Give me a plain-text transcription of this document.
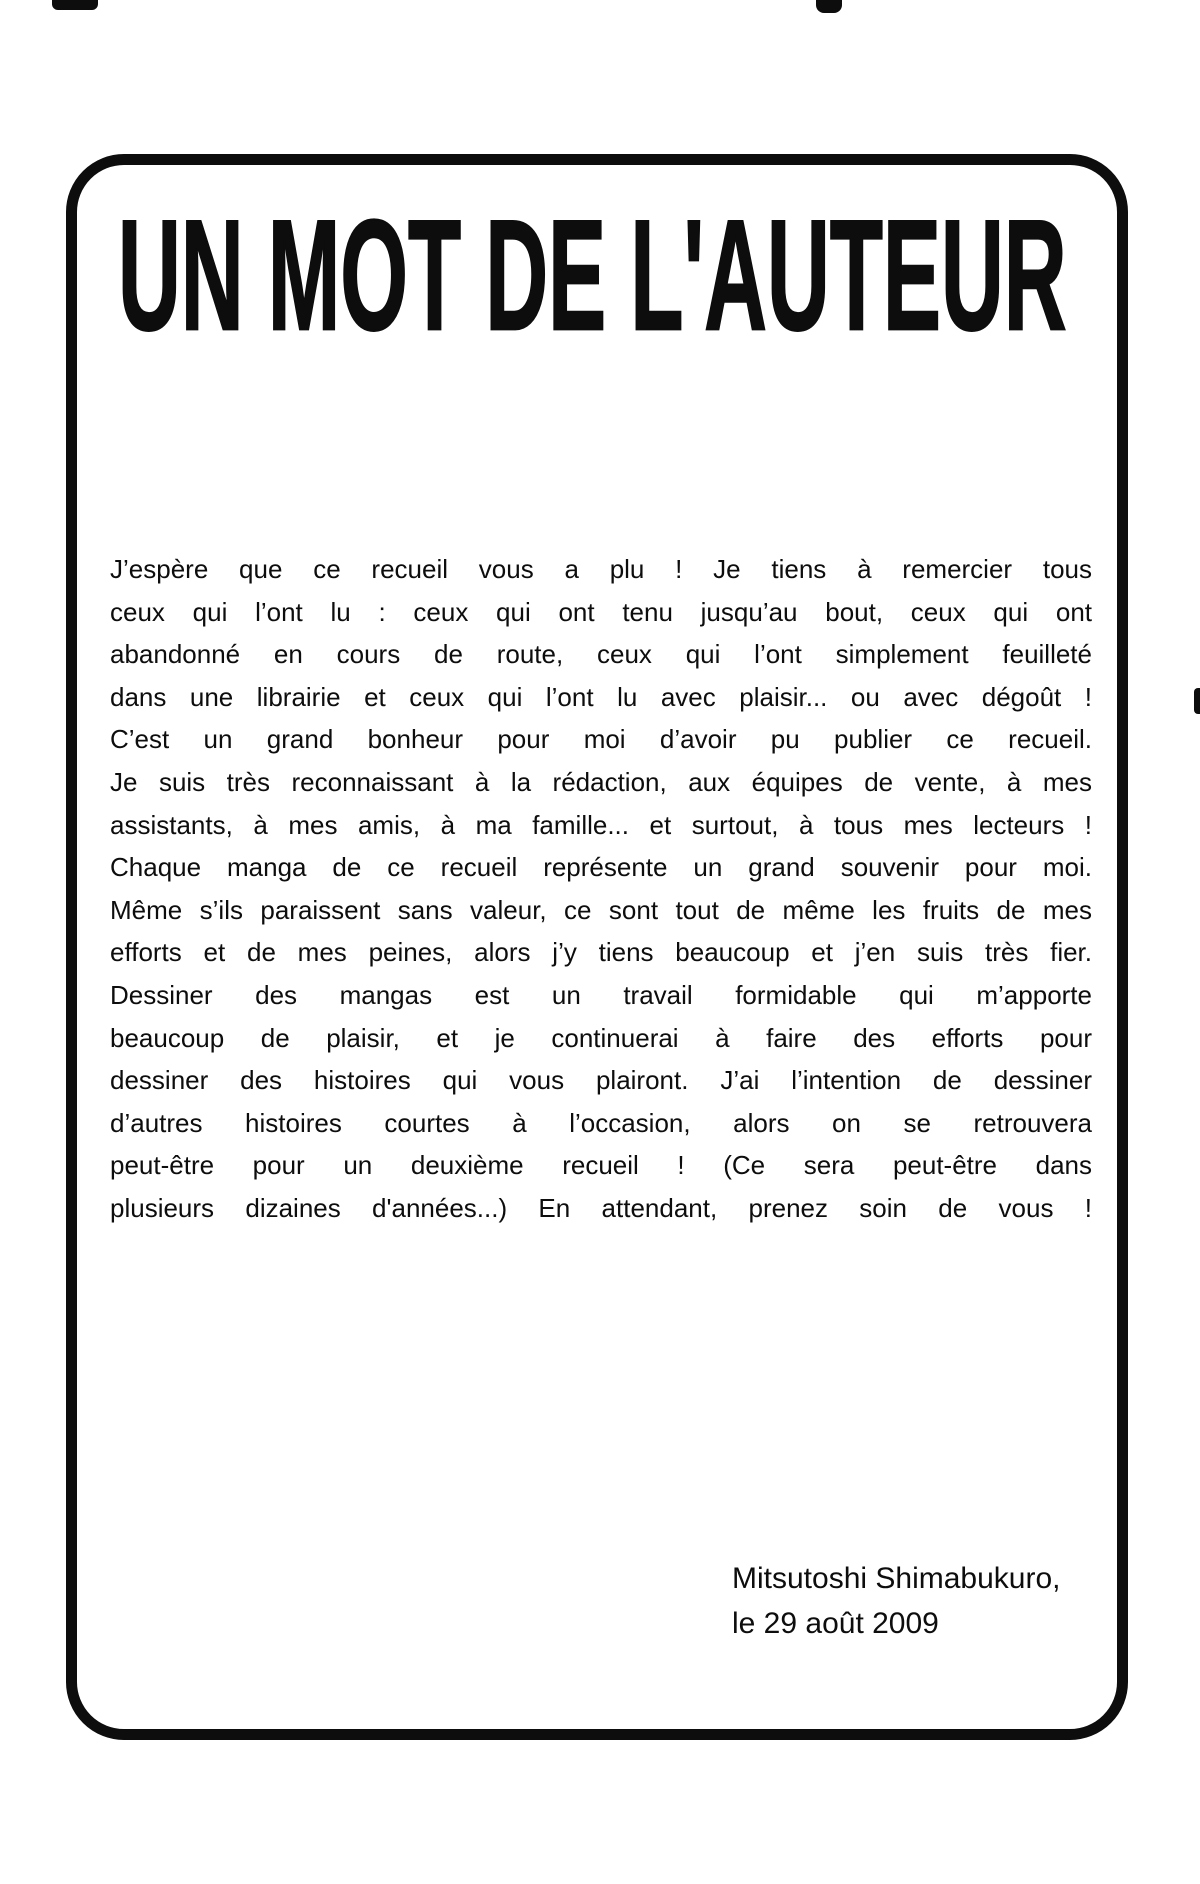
UN MOT DE L'AUTEUR
J’espère que ce recueil vous a plu ! Je tiens à remercier tous
ceux qui l’ont lu : ceux qui ont tenu jusqu’au bout, ceux qui ont
abandonné en cours de route, ceux qui l’ont simplement feuilleté
dans une librairie et ceux qui l’ont lu avec plaisir... ou avec dégoût !
C’est un grand bonheur pour moi d’avoir pu publier ce recueil.
Je suis très reconnaissant à la rédaction, aux équipes de vente, à mes
assistants, à mes amis, à ma famille... et surtout, à tous mes lecteurs !
Chaque manga de ce recueil représente un grand souvenir pour moi.
Même s’ils paraissent sans valeur, ce sont tout de même les fruits de mes
efforts et de mes peines, alors j’y tiens beaucoup et j’en suis très fier.
Dessiner des mangas est un travail formidable qui m’apporte
beaucoup de plaisir, et je continuerai à faire des efforts pour
dessiner des histoires qui vous plairont. J’ai l’intention de dessiner
d’autres histoires courtes à l’occasion, alors on se retrouvera
peut-être pour un deuxième recueil ! (Ce sera peut-être dans
plusieurs dizaines d'années...) En attendant, prenez soin de vous !
Mitsutoshi Shimabukuro,
le 29 août 2009
